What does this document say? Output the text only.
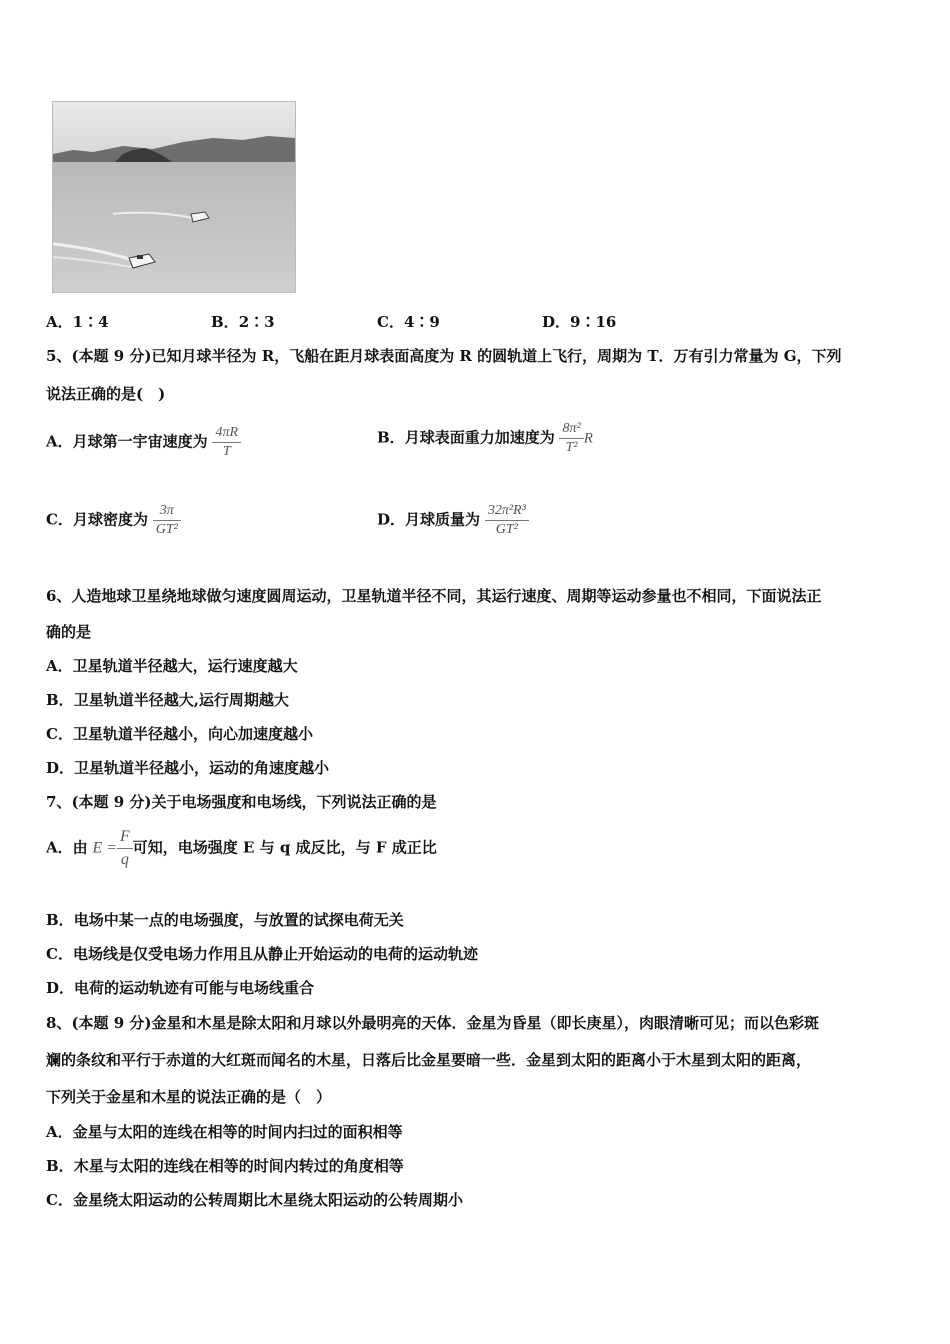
A．1∶4	B．2∶3	C．4∶9	D．9∶16
5、(本题 9 分)已知月球半径为 R，飞船在距月球表面高度为 R 的圆轨道上飞行，周期为 T．万有引力常量为 G，下列
说法正确的是(　)
A．月球第一宇宙速度为 $\frac{4\pi R}{T}$	B．月球表面重力加速度为 $\frac{\text{8π²}}{\text{T²}}$ R
C．月球密度为 $\frac{3\pi}{\text{GT²}}$	D．月球质量为 $\frac{\text{32π²R³}}{\text{GT²}}$
6、人造地球卫星绕地球做匀速度圆周运动，卫星轨道半径不同，其运行速度、周期等运动参量也不相同，下面说法正
确的是
A．卫星轨道半径越大，运行速度越大
B．卫星轨道半径越大,运行周期越大
C．卫星轨道半径越小，向心加速度越小
D．卫星轨道半径越小，运动的角速度越小
7、(本题 9 分)关于电场强度和电场线，下列说法正确的是
A．由 $E = \frac{F}{q}$ 可知，电场强度 E 与 q 成反比，与 F 成正比
B．电场中某一点的电场强度，与放置的试探电荷无关
C．电场线是仅受电场力作用且从静止开始运动的电荷的运动轨迹
D．电荷的运动轨迹有可能与电场线重合
8、(本题 9 分)金星和木星是除太阳和月球以外最明亮的天体．金星为昏星（即长庚星），肉眼清晰可见；而以色彩斑
斓的条纹和平行于赤道的大红斑而闻名的木星，日落后比金星要暗一些．金星到太阳的距离小于木星到太阳的距离，
下列关于金星和木星的说法正确的是（　）
A．金星与太阳的连线在相等的时间内扫过的面积相等
B．木星与太阳的连线在相等的时间内转过的角度相等
C．金星绕太阳运动的公转周期比木星绕太阳运动的公转周期小
